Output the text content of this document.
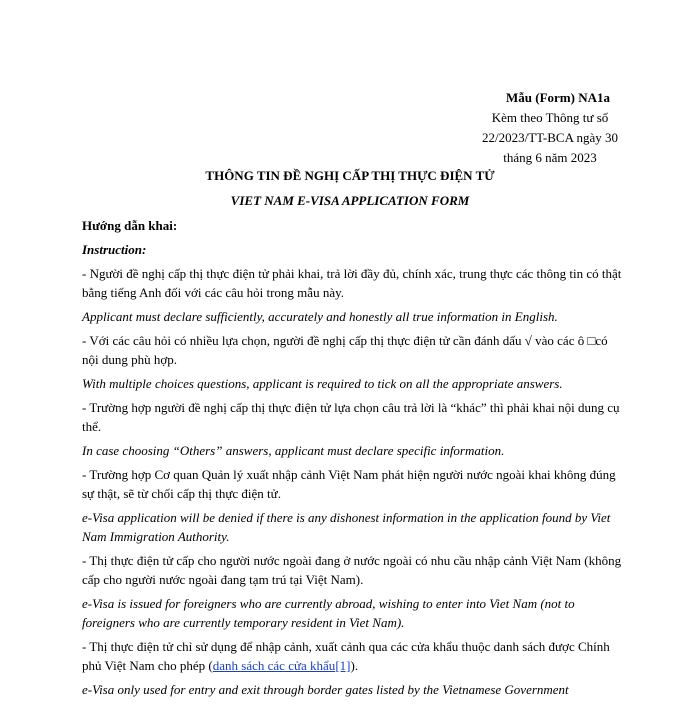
Mẫu (Form) NA1a
Kèm theo Thông tư số
22/2023/TT-BCA ngày 30
tháng 6 năm 2023
THÔNG TIN ĐỀ NGHỊ CẤP THỊ THỰC ĐIỆN TỬ
VIET NAM E-VISA APPLICATION FORM

Hướng dẫn khai:

Instruction:

- Người đề nghị cấp thị thực điện tử phải khai, trả lời đầy đủ, chính xác, trung thực các thông tin có thật bằng tiếng Anh đối với các câu hỏi trong mẫu này.

Applicant must declare sufficiently, accurately and honestly all true information in English.

- Với các câu hỏi có nhiều lựa chọn, người đề nghị cấp thị thực điện tử cần đánh dấu √ vào các ô □có nội dung phù hợp.

With multiple choices questions, applicant is required to tick on all the appropriate answers.

- Trường hợp người đề nghị cấp thị thực điện tử lựa chọn câu trả lời là “khác” thì phải khai nội dung cụ thể.

In case choosing “Others” answers, applicant must declare specific information.

- Trường hợp Cơ quan Quản lý xuất nhập cảnh Việt Nam phát hiện người nước ngoài khai không đúng sự thật, sẽ từ chối cấp thị thực điện tử.

e-Visa application will be denied if there is any dishonest information in the application found by Viet Nam Immigration Authority.

- Thị thực điện tử cấp cho người nước ngoài đang ở nước ngoài có nhu cầu nhập cảnh Việt Nam (không cấp cho người nước ngoài đang tạm trú tại Việt Nam).

e-Visa is issued for foreigners who are currently abroad, wishing to enter into Viet Nam (not to foreigners who are currently temporary resident in Viet Nam).

- Thị thực điện tử chỉ sử dụng để nhập cảnh, xuất cảnh qua các cửa khẩu thuộc danh sách được Chính phủ Việt Nam cho phép (danh sách các cửa khẩu[1]).

e-Visa only used for entry and exit through border gates listed by the Vietnamese Government
